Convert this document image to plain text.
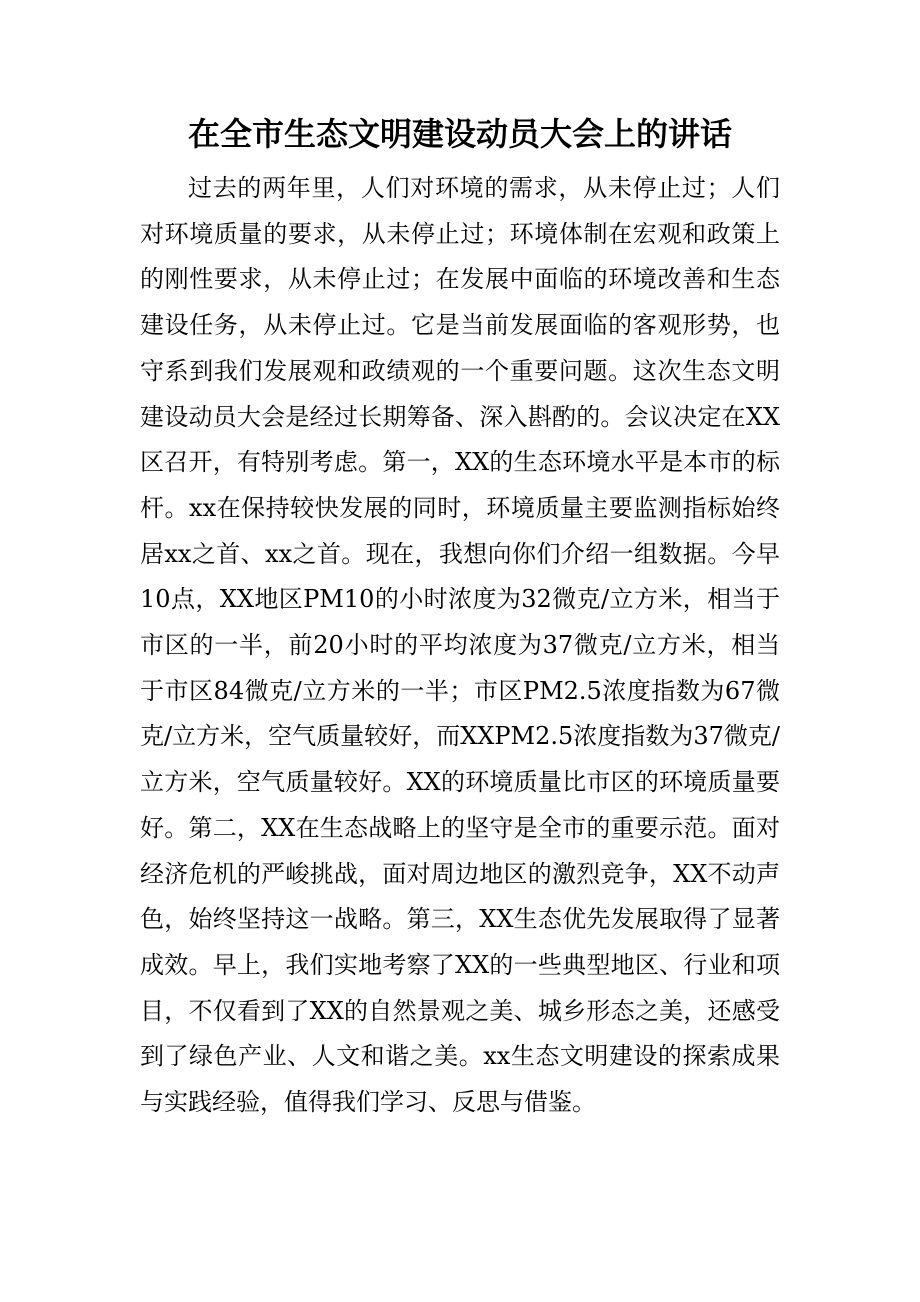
在全市生态文明建设动员大会上的讲话

过去的两年里，人们对环境的需求，从未停止过；人们对环境质量的要求，从未停止过；环境体制在宏观和政策上的刚性要求，从未停止过；在发展中面临的环境改善和生态建设任务，从未停止过。它是当前发展面临的客观形势，也守系到我们发展观和政绩观的一个重要问题。这次生态文明建设动员大会是经过长期筹备、深入斟酌的。会议决定在XX区召开，有特别考虑。第一，XX的生态环境水平是本市的标杆。xx在保持较快发展的同时，环境质量主要监测指标始终居xx之首、xx之首。现在，我想向你们介绍一组数据。今早10点，XX地区PM10的小时浓度为32微克/立方米，相当于市区的一半，前20小时的平均浓度为37微克/立方米，相当于市区84微克/立方米的一半；市区PM2.5浓度指数为67微克/立方米，空气质量较好，而XXPM2.5浓度指数为37微克/立方米，空气质量较好。XX的环境质量比市区的环境质量要好。第二，XX在生态战略上的坚守是全市的重要示范。面对经济危机的严峻挑战，面对周边地区的激烈竞争，XX不动声色，始终坚持这一战略。第三，XX生态优先发展取得了显著成效。早上，我们实地考察了XX的一些典型地区、行业和项目，不仅看到了XX的自然景观之美、城乡形态之美，还感受到了绿色产业、人文和谐之美。xx生态文明建设的探索成果与实践经验，值得我们学习、反思与借鉴。
